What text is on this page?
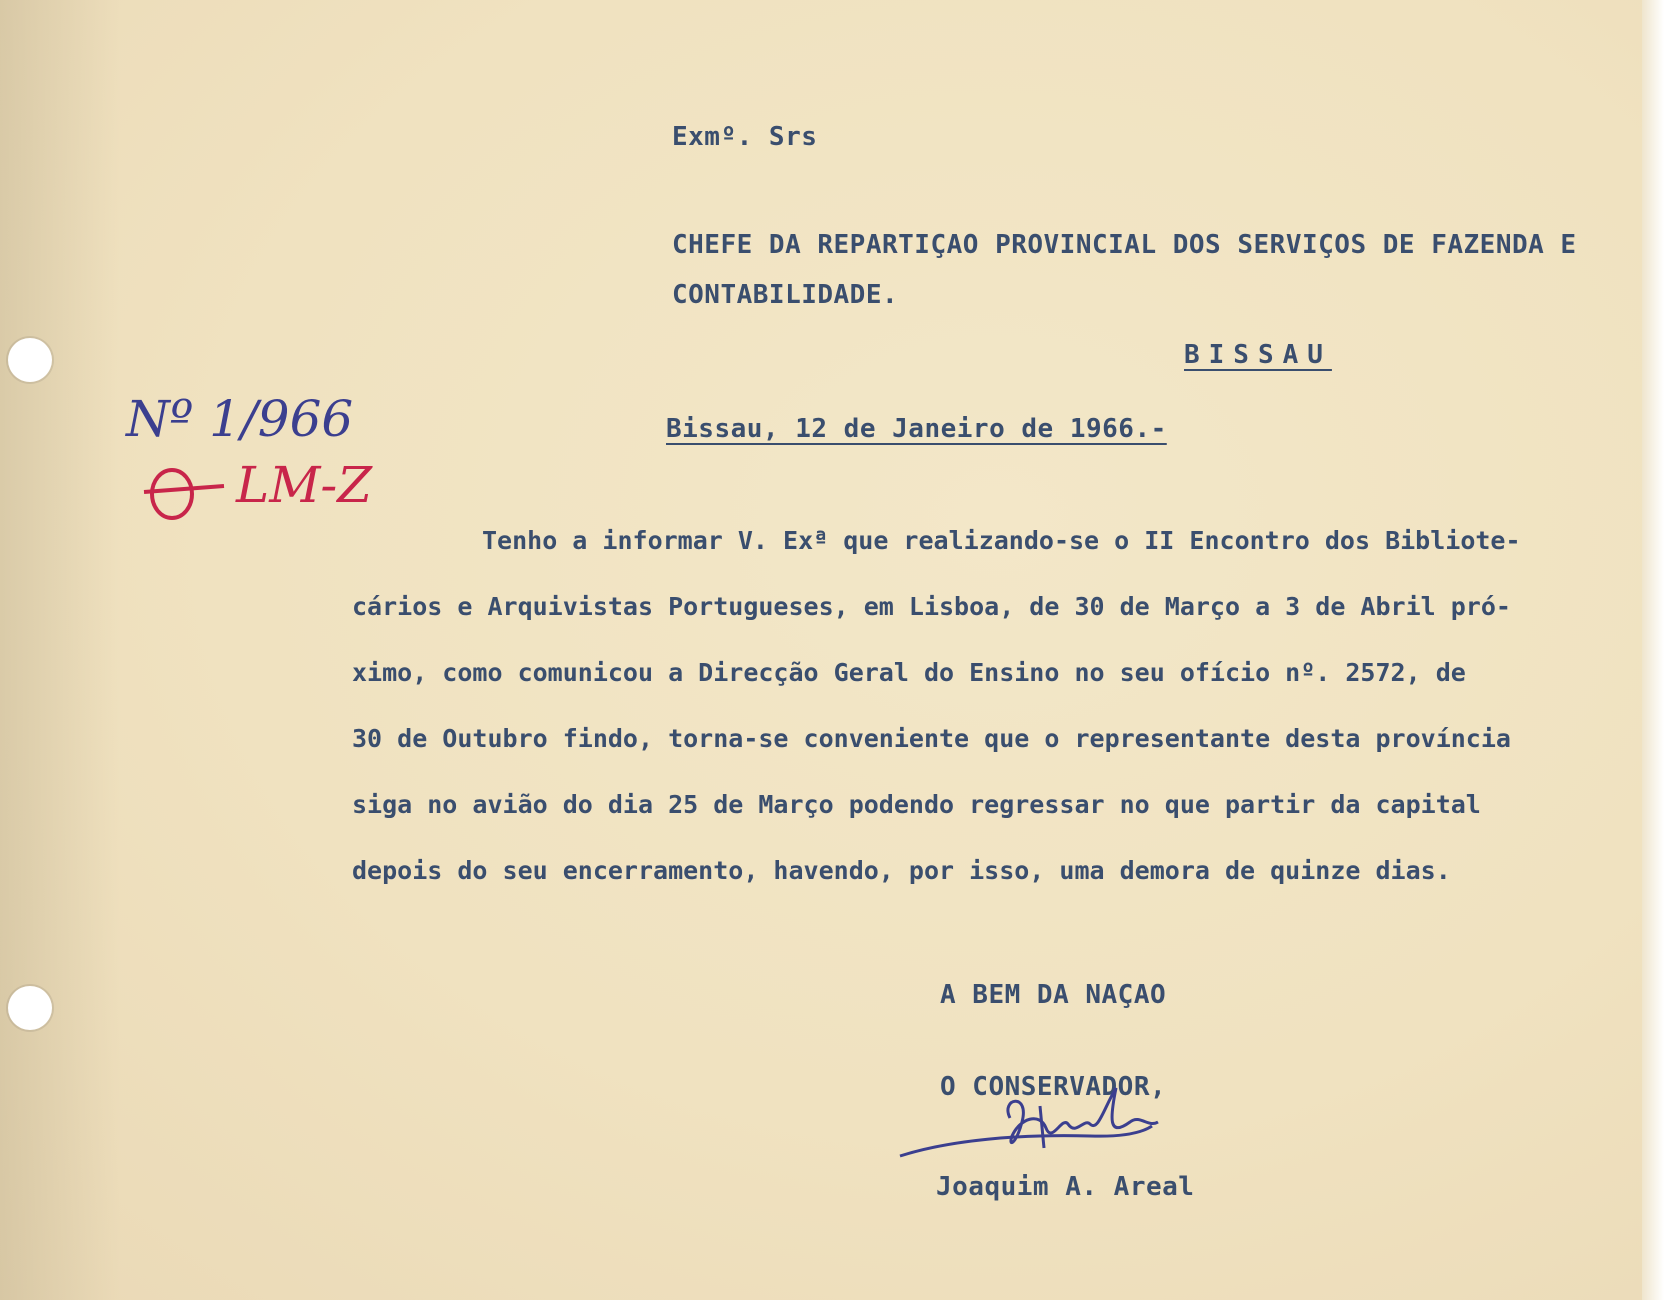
Exmº. Srs

CHEFE DA REPARTIÇAO PROVINCIAL DOS SERVIÇOS DE FAZENDA E

CONTABILIDADE.

BISSAU

Bissau, 12 de Janeiro de 1966.-

Nº 1/966

LM-Z

Tenho a informar V. Exª que realizando-se o II Encontro dos Bibliote-
cários e Arquivistas Portugueses, em Lisboa, de 30 de Março a 3 de Abril pró-
ximo, como comunicou a Direcção Geral do Ensino no seu ofício nº. 2572, de
30 de Outubro findo, torna-se conveniente que o representante desta província
siga no avião do dia 25 de Março podendo regressar no que partir da capital
depois do seu encerramento, havendo, por isso, uma demora de quinze dias.

A BEM DA NAÇAO

O CONSERVADOR,

Joaquim A. Areal
